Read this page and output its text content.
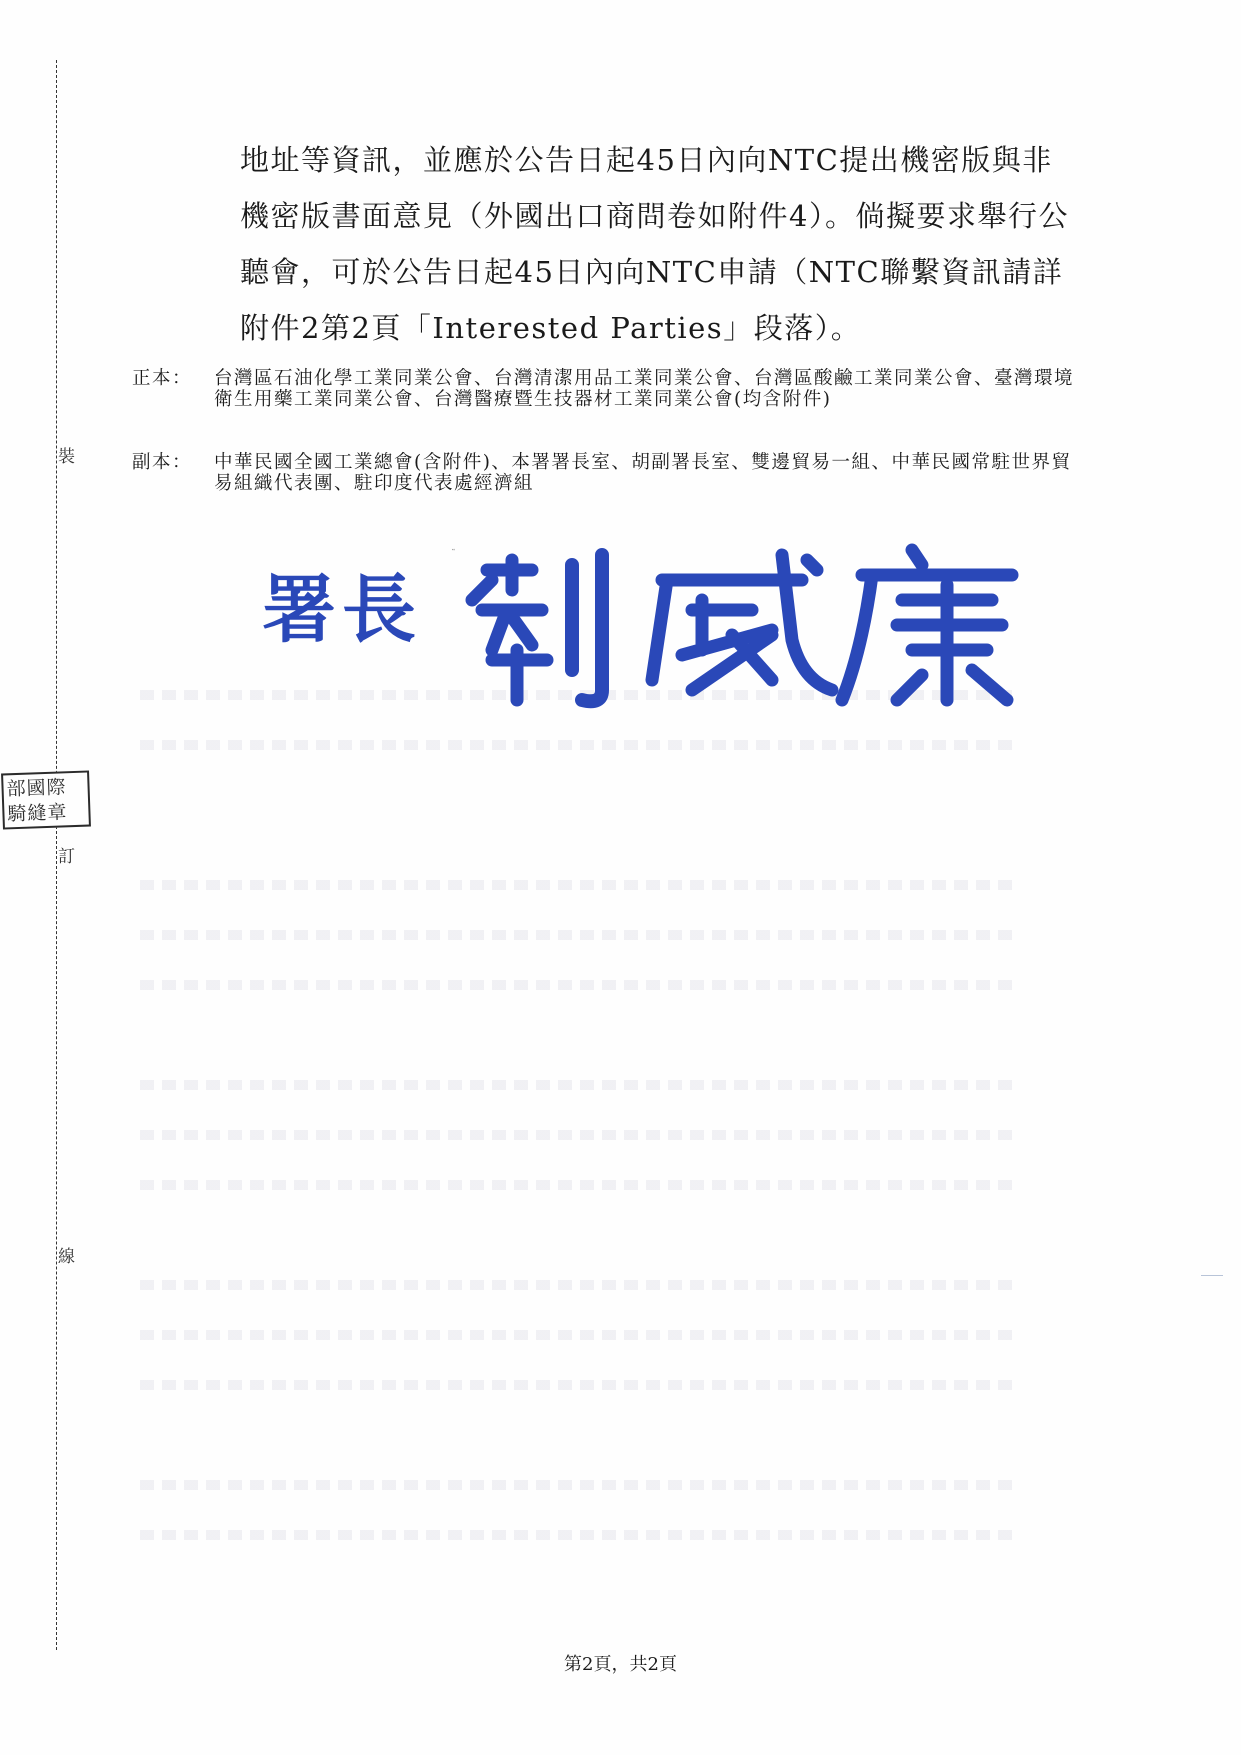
裝
訂
線
部國際
騎縫章

地址等資訊，並應於公告日起45日內向NTC提出機密版與非機密版書面意見（外國出口商問卷如附件4）。倘擬要求舉行公聽會，可於公告日起45日內向NTC申請（NTC聯繫資訊請詳附件2第2頁「Interested Parties」段落）。

正本： 台灣區石油化學工業同業公會、台灣清潔用品工業同業公會、台灣區酸鹼工業同業公會、臺灣環境衛生用藥工業同業公會、台灣醫療暨生技器材工業同業公會(均含附件)
副本： 中華民國全國工業總會(含附件)、本署署長室、胡副署長室、雙邊貿易一組、中華民國常駐世界貿易組織代表團、駐印度代表處經濟組
署長
第2頁，共2頁
